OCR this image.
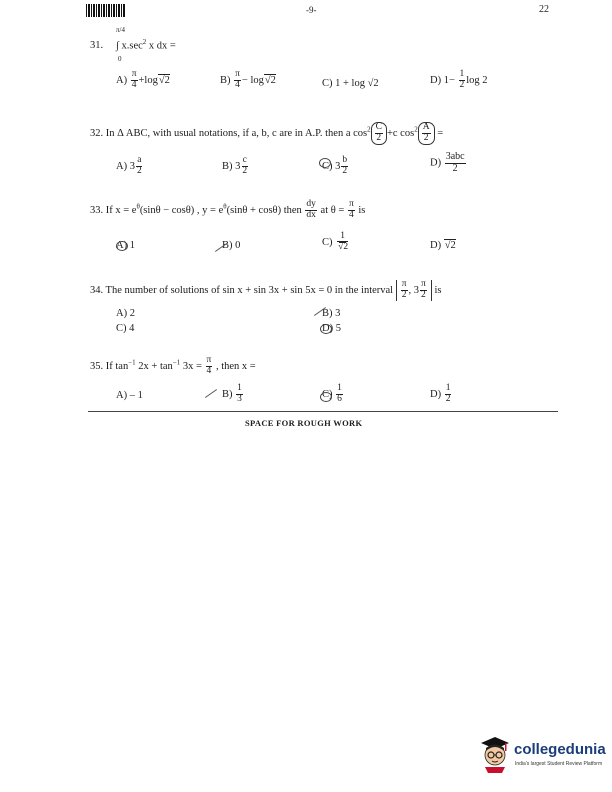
-9-	22
π/4
31. ∫ $x.\sec^2$ x dx =
0
$A) \frac{\pi}{4} +\log√2$	$B) \frac{\pi}{4} - \log√2$	C) 1 + log √2	D) $1- \frac{1}{2}$ log 2
32. In Δ ABC, with usual notations, if a, b, c are in A.P. then a $\cos^2 \frac{C}{2} +c$ $\cos^2 \frac{A}{2}$ =
A) $3 \frac{a}{2}$	B) $3 \frac{c}{2}$	C) $3 \frac{b}{2}$	$D) \frac{\text{3abc}}{2}$
33. If $x = e^\theta(\sin\theta - \cos\theta)$ , $y = e^\theta(\sin\theta + \cos\theta)$ then $\frac{dy}{dx}$ at $\theta = \frac{\pi}{4}$ is
A) 1	B) 0	$C) \frac{1}{√2}$	D) √2
34. The number of solutions of sin x + sin 3x + sin 5x = 0 in the interval $\frac{\pi}{2}$ , $3 \frac{\pi}{2}$ is
A) 2	B) 3
C) 4	D) 5
35. If $\tan^{-1} 2x + \tan^{-1} 3x = \frac{\pi}{4}$ , then x =
A) – 1	$B) \frac{1}{3}$	$C) \frac{1}{6}$	$D) \frac{1}{2}$
SPACE FOR ROUGH WORK
collegedunia
India's largest Student Review Platform
